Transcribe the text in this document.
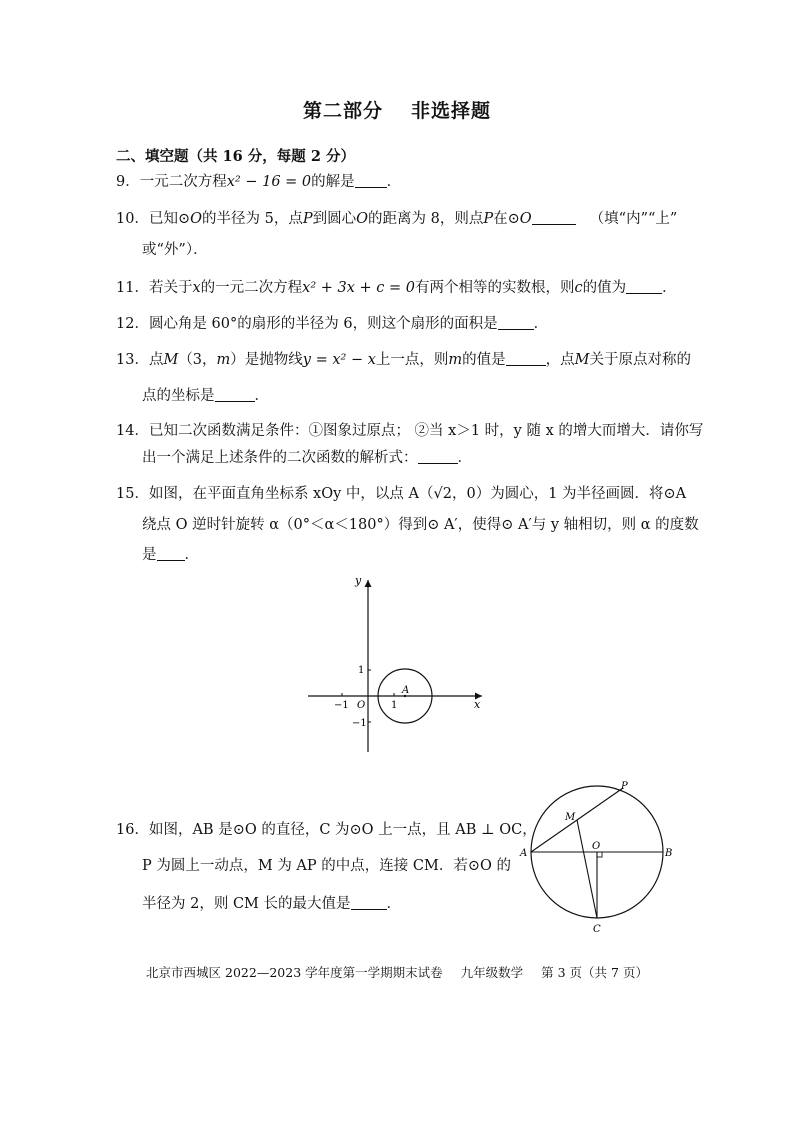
第二部分 非选择题
二、填空题（共 16 分，每题 2 分）
9．一元二次方程x² − 16 = 0的解是 ．
10．已知⊙O的半径为 5，点P到圆心O的距离为 8，则点P在⊙O	（填“内”“上”
或“外”）．
11．若关于x的一元二次方程x² + 3x + c = 0有两个相等的实数根，则c的值为 ．
12．圆心角是 60°的扇形的半径为 6，则这个扇形的面积是 ．
13．点M（3，m）是抛物线y = x² − x上一点，则m的值是	，点M关于原点对称的
点的坐标是	．
14．已知二次函数满足条件：①图象过原点； ②当 x＞1 时，y 随 x 的增大而增大．请你写
出一个满足上述条件的二次函数的解析式：	．
15．如图，在平面直角坐标系 xOy 中，以点 A（√2，0）为圆心，1 为半径画圆．将⊙A
绕点 O 逆时针旋转 α（0°＜α＜180°）得到⊙ A′，使得⊙ A′与 y 轴相切，则 α 的度数
是 ．
y
x
1
−1
−1 O	1
A
16．如图，AB 是⊙O 的直径，C 为⊙O 上一点，且 AB ⊥ OC，
P 为圆上一动点，M 为 AP 的中点，连接 CM．若⊙O 的
半径为 2，则 CM 长的最大值是 ．
P
M
O
A	B
C
北京市西城区 2022—2023 学年度第一学期期末试卷 九年级数学 第 3 页（共 7 页）
